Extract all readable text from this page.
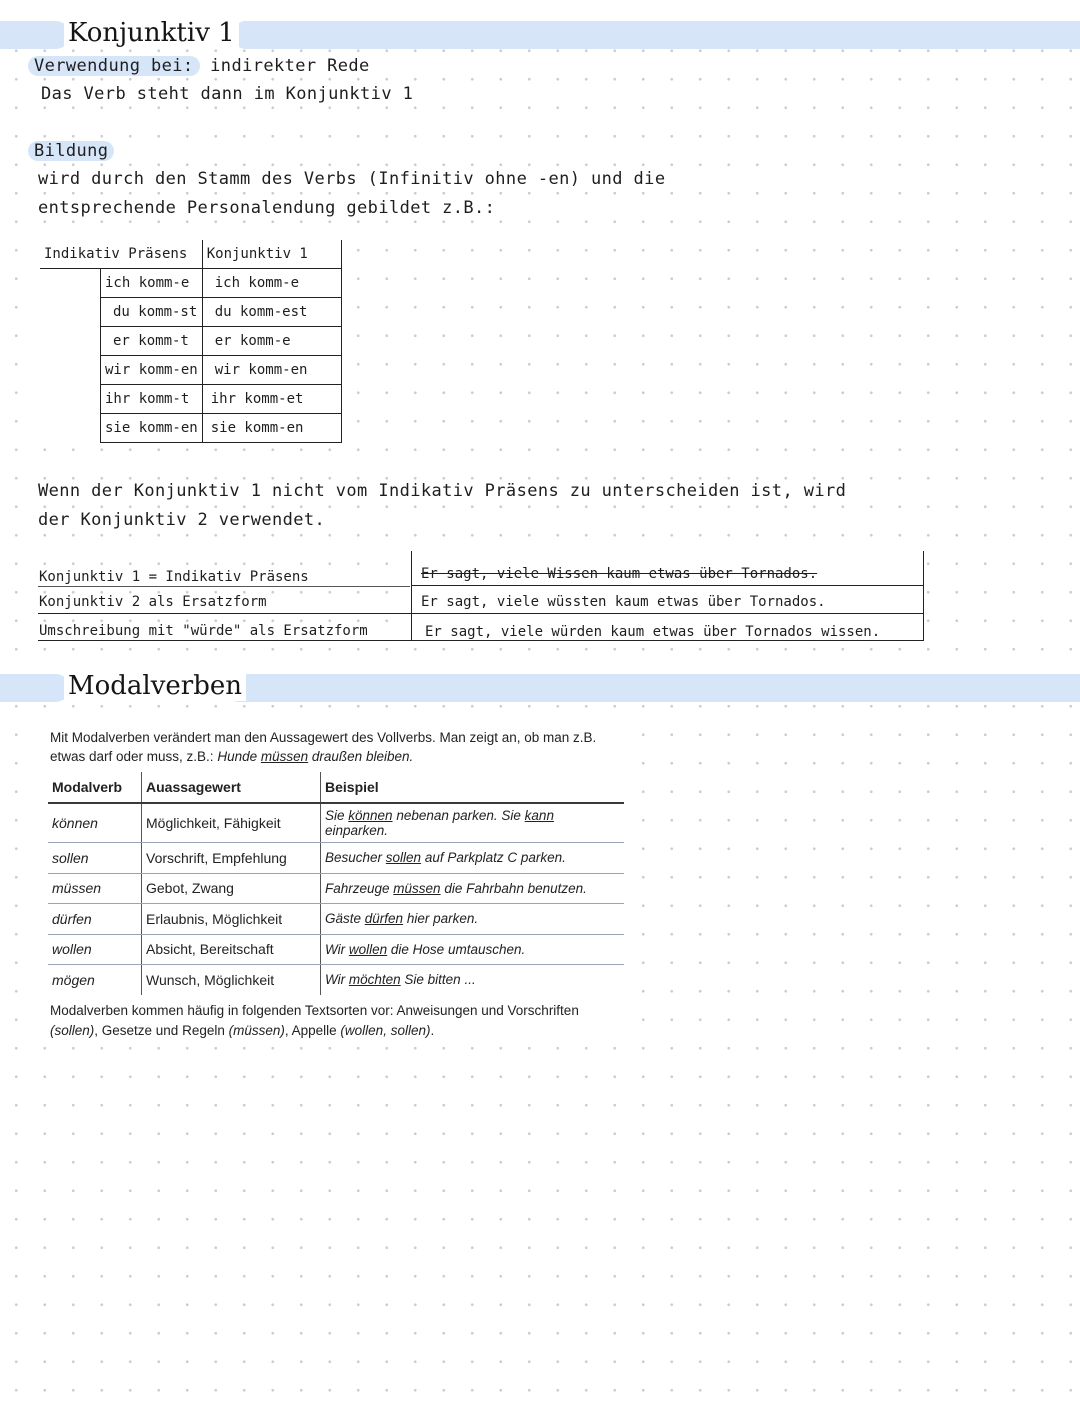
Konjunktiv 1
Verwendung bei: indirekter Rede
Das Verb steht dann im Konjunktiv 1
Bildung
wird durch den Stamm des Verbs (Infinitiv ohne -en) und die
entsprechende Personalendung gebildet z.B.:
Indikativ Präsens		Konjunktiv 1
	ich komm-e	ich komm-e
	du komm-st	du komm-est
	er komm-t	er komm-e
	wir komm-en	wir komm-en
	ihr komm-t	ihr komm-et
	sie komm-en	sie komm-en
Wenn der Konjunktiv 1 nicht vom Indikativ Präsens zu unterscheiden ist, wird
der Konjunktiv 2 verwendet.
Konjunktiv 1 = Indikativ Präsens	Er sagt, viele Wissen kaum etwas über Tornados.
Konjunktiv 2 als Ersatzform	Er sagt, viele wüssten kaum etwas über Tornados.
Umschreibung mit "würde" als Ersatzform	Er sagt, viele würden kaum etwas über Tornados wissen.
Modalverben
Mit Modalverben verändert man den Aussagewert des Vollverbs. Man zeigt an, ob man z.B. etwas darf oder muss, z.B.: Hunde müssen draußen bleiben.
Modalverb	Auassagewert	Beispiel
können	Möglichkeit, Fähigkeit	Sie können nebenan parken. Sie kann einparken.
sollen	Vorschrift, Empfehlung	Besucher sollen auf Parkplatz C parken.
müssen	Gebot, Zwang	Fahrzeuge müssen die Fahrbahn benutzen.
dürfen	Erlaubnis, Möglichkeit	Gäste dürfen hier parken.
wollen	Absicht, Bereitschaft	Wir wollen die Hose umtauschen.
mögen	Wunsch, Möglichkeit	Wir möchten Sie bitten ...
Modalverben kommen häufig in folgenden Textsorten vor: Anweisungen und Vorschriften (sollen), Gesetze und Regeln (müssen), Appelle (wollen, sollen).
